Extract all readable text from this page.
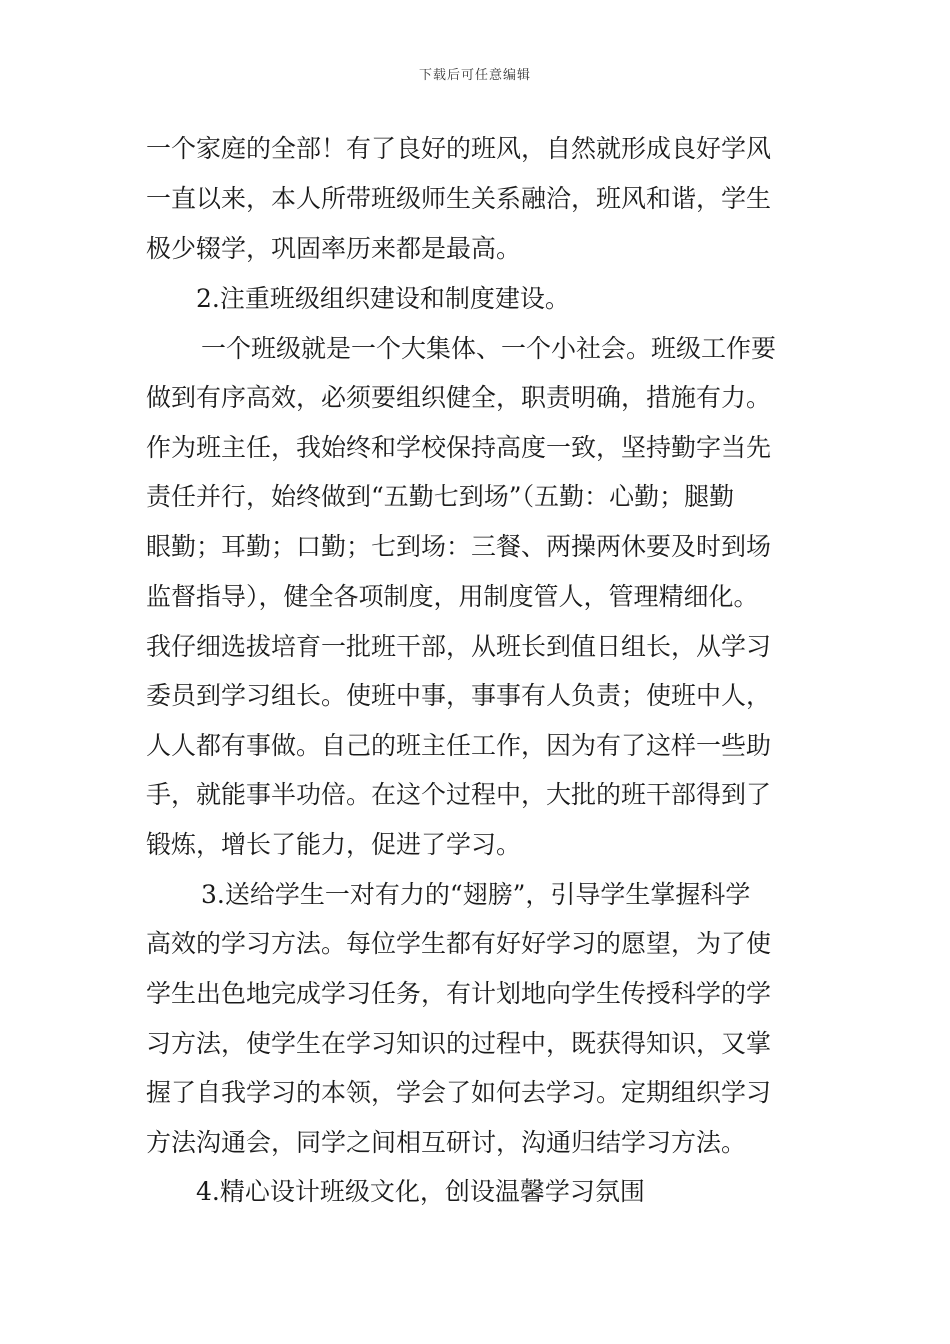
下载后可任意编辑
一个家庭的全部！有了良好的班风，自然就形成良好学风
一直以来，本人所带班级师生关系融洽，班风和谐，学生
极少辍学，巩固率历来都是最高。
2.注重班级组织建设和制度建设。
一个班级就是一个大集体、一个小社会。班级工作要
做到有序高效，必须要组织健全，职责明确，措施有力。
作为班主任，我始终和学校保持高度一致，坚持勤字当先
责任并行，始终做到“五勤七到场”（五勤：心勤；腿勤
眼勤；耳勤；口勤；七到场：三餐、两操两休要及时到场
监督指导），健全各项制度，用制度管人，管理精细化。
我仔细选拔培育一批班干部，从班长到值日组长，从学习
委员到学习组长。使班中事，事事有人负责；使班中人，
人人都有事做。自己的班主任工作，因为有了这样一些助
手，就能事半功倍。在这个过程中，大批的班干部得到了
锻炼，增长了能力，促进了学习。
3.送给学生一对有力的“翅膀”，引导学生掌握科学
高效的学习方法。每位学生都有好好学习的愿望，为了使
学生出色地完成学习任务，有计划地向学生传授科学的学
习方法，使学生在学习知识的过程中，既获得知识，又掌
握了自我学习的本领，学会了如何去学习。定期组织学习
方法沟通会，同学之间相互研讨，沟通归结学习方法。
4.精心设计班级文化，创设温馨学习氛围
